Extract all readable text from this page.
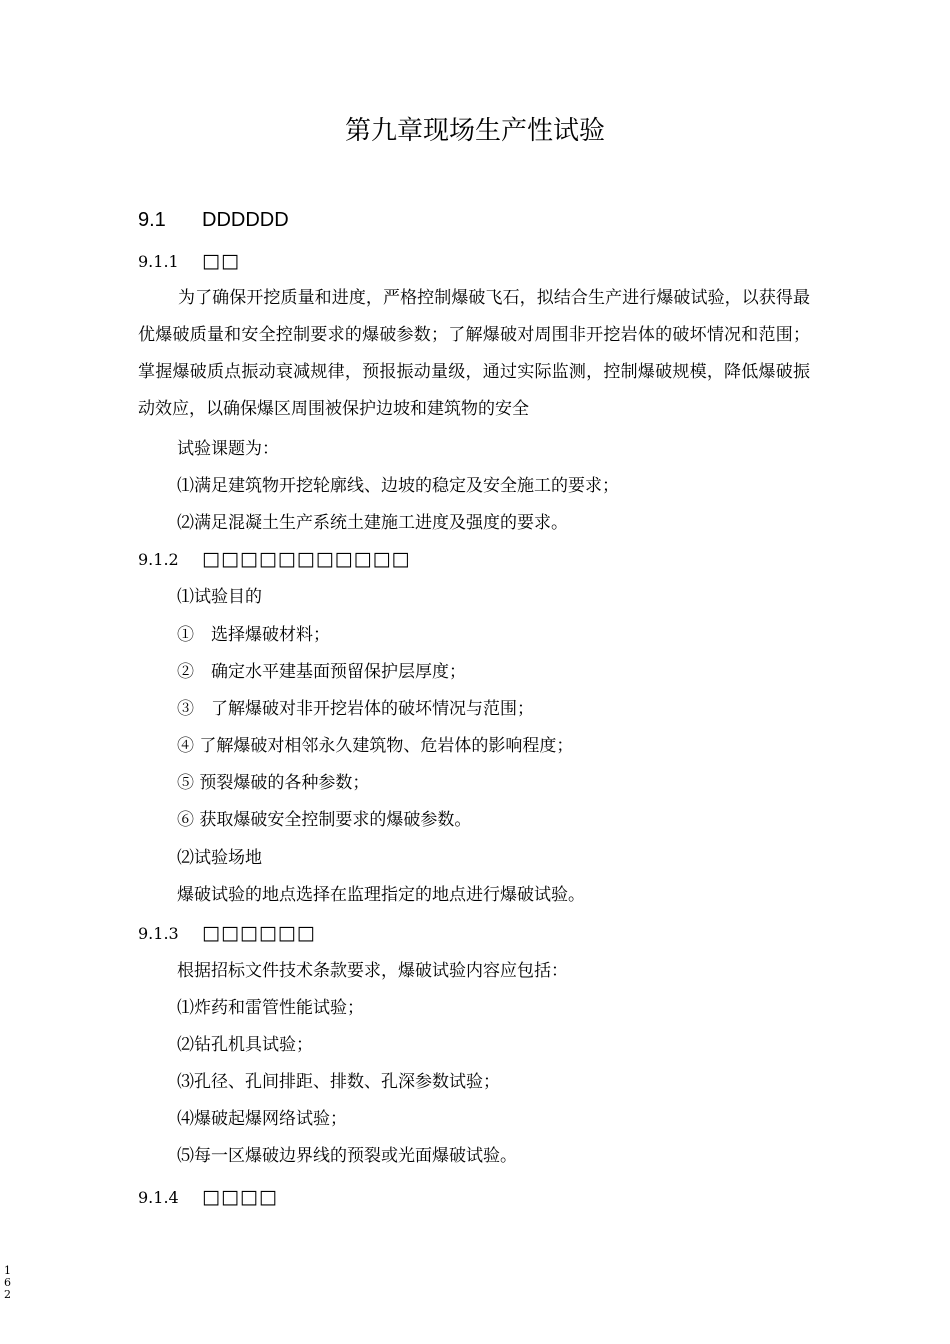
第九章现场生产性试验
9.1 DDDDDD
9.1.1 □□
为了确保开挖质量和进度，严格控制爆破飞石，拟结合生产进行爆破试验，以获得最优爆破质量和安全控制要求的爆破参数；了解爆破对周围非开挖岩体的破坏情况和范围；掌握爆破质点振动衰减规律，预报振动量级，通过实际监测，控制爆破规模，降低爆破振动效应，以确保爆区周围被保护边坡和建筑物的安全
试验课题为：
⑴满足建筑物开挖轮廓线、边坡的稳定及安全施工的要求；
⑵满足混凝土生产系统土建施工进度及强度的要求。
9.1.2 □□□□□□□□□□□
⑴试验目的
①　选择爆破材料；
②　确定水平建基面预留保护层厚度；
③　了解爆破对非开挖岩体的破坏情况与范围；
④ 了解爆破对相邻永久建筑物、危岩体的影响程度；
⑤ 预裂爆破的各种参数；
⑥ 获取爆破安全控制要求的爆破参数。
⑵试验场地
爆破试验的地点选择在监理指定的地点进行爆破试验。
9.1.3 □□□□□□
根据招标文件技术条款要求，爆破试验内容应包括：
⑴炸药和雷管性能试验；
⑵钻孔机具试验；
⑶孔径、孔间排距、排数、孔深参数试验；
⑷爆破起爆网络试验；
⑸每一区爆破边界线的预裂或光面爆破试验。
9.1.4 □□□□
1
6
2
